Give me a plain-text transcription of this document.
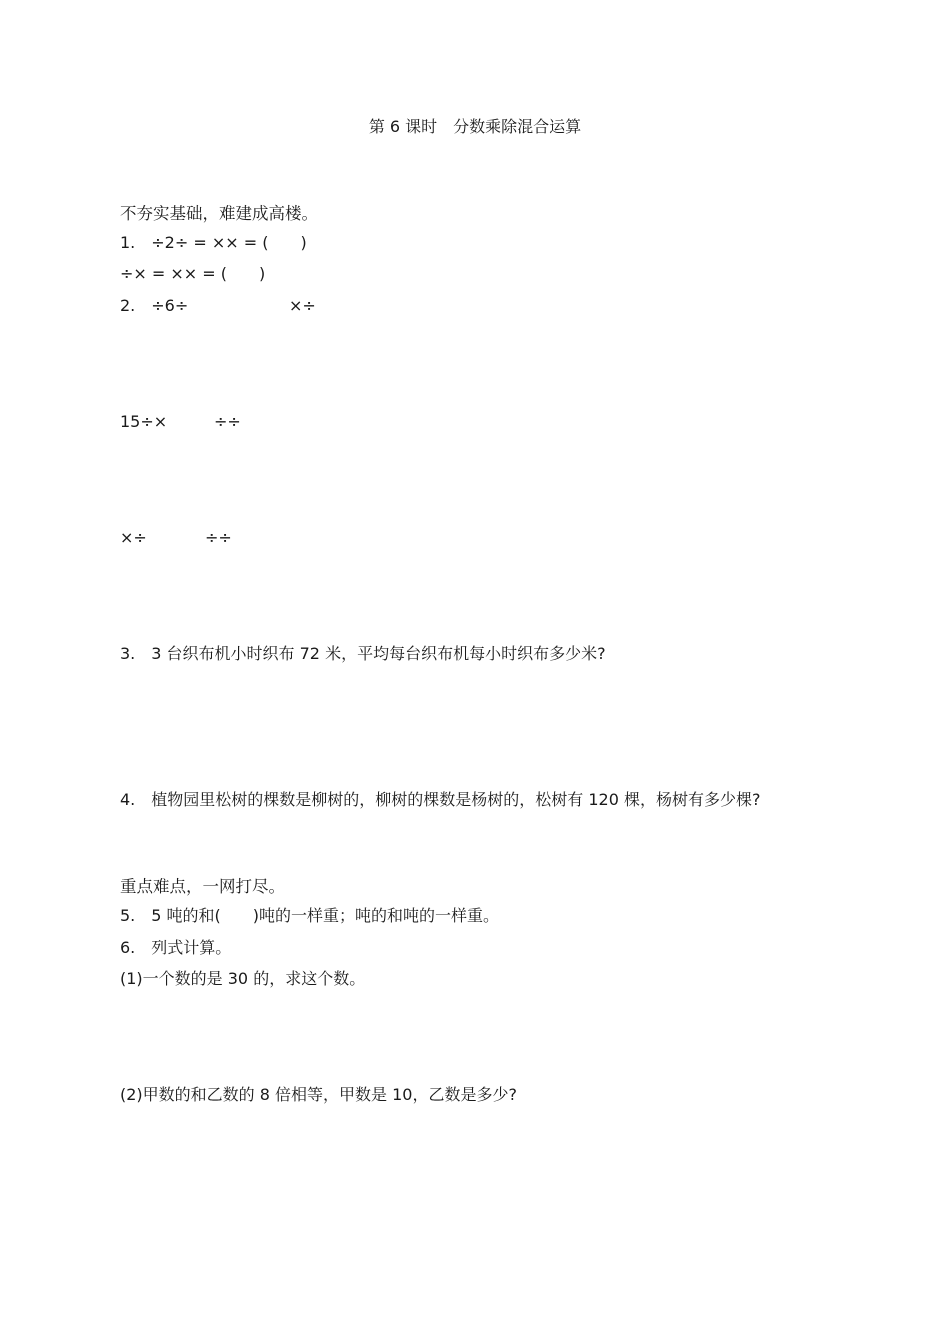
第 6 课时　分数乘除混合运算
不夯实基础，难建成高楼。
1.　÷2÷ = ×× = (　　)
÷× = ×× = (　　)
2.　÷6÷	×÷
15÷×	÷÷
×÷	÷÷
3.　3 台织布机小时织布 72 米，平均每台织布机每小时织布多少米?
4.　植物园里松树的棵数是柳树的，柳树的棵数是杨树的，松树有 120 棵，杨树有多少棵?
重点难点，一网打尽。
5.　5 吨的和(　　)吨的一样重；吨的和吨的一样重。
6.　列式计算。
(1)一个数的是 30 的，求这个数。
(2)甲数的和乙数的 8 倍相等，甲数是 10，乙数是多少?
